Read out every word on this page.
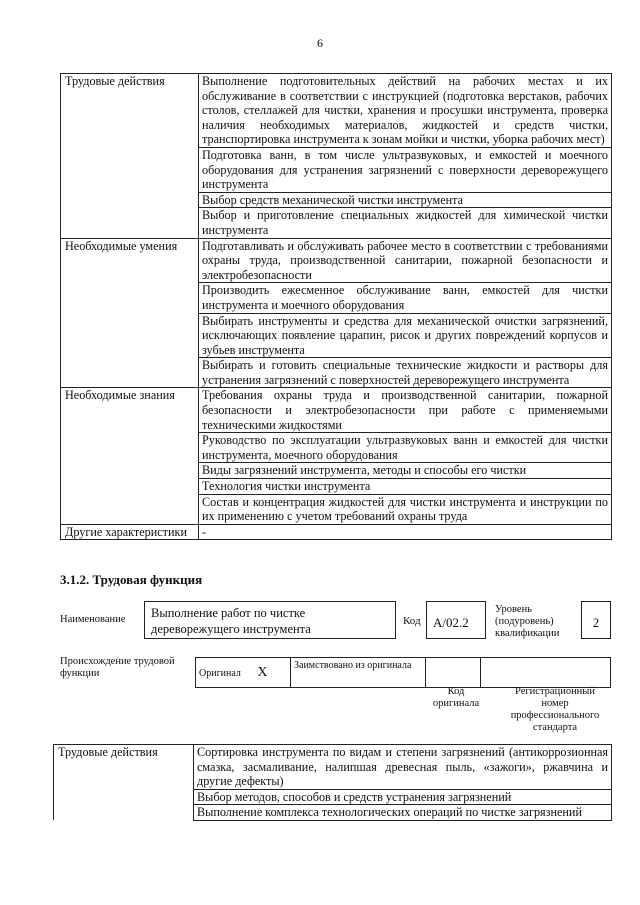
6
Трудовые действия	Выполнение подготовительных действий на рабочих местах и их обслуживание в соответствии с инструкцией (подготовка верстаков, рабочих столов, стеллажей для чистки, хранения и просушки инструмента, проверка наличия необходимых материалов, жидкостей и средств чистки, транспортировка инструмента к зонам мойки и чистки, уборка рабочих мест)
	Подготовка ванн, в том числе ультразвуковых, и емкостей и моечного оборудования для устранения загрязнений с поверхности дереворежущего инструмента
	Выбор средств механической чистки инструмента
	Выбор и приготовление специальных жидкостей для химической чистки инструмента
Необходимые умения	Подготавливать и обслуживать рабочее место в соответствии с требованиями охраны труда, производственной санитарии, пожарной безопасности и электробезопасности
	Производить ежесменное обслуживание ванн, емкостей для чистки инструмента и моечного оборудования
	Выбирать инструменты и средства для механической очистки загрязнений, исключающих появление царапин, рисок и других повреждений корпусов и зубьев инструмента
	Выбирать и готовить специальные технические жидкости и растворы для устранения загрязнений с поверхностей дереворежущего инструмента
Необходимые знания	Требования охраны труда и производственной санитарии, пожарной безопасности и электробезопасности при работе с применяемыми техническими жидкостями
	Руководство по эксплуатации ультразвуковых ванн и емкостей для чистки инструмента, моечного оборудования
	Виды загрязнений инструмента, методы и способы его чистки
	Технология чистки инструмента
	Состав и концентрация жидкостей для чистки инструмента и инструкции по их применению с учетом требований охраны труда
Другие характеристики	-
3.1.2. Трудовая функция
Наименование	Выполнение работ по чистке дереворежущего инструмента
Код А/02.2
Уровень (подуровень) квалификации
2
Происхождение трудовой функции	Оригинал X	Заимствовано из оригинала		
Код оригинала
Регистрационный номер профессионального стандарта
Трудовые действия	Сортировка инструмента по видам и степени загрязнений (антикоррозионная смазка, засмаливание, налипшая древесная пыль, «зажоги», ржавчина и другие дефекты)
Выбор методов, способов и средств устранения загрязнений
Выполнение комплекса технологических операций по чистке загрязнений
